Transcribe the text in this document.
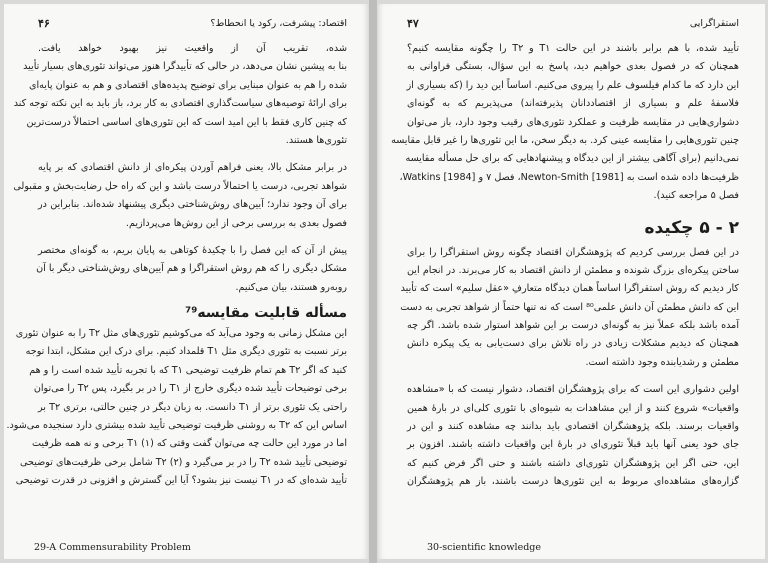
اقتصاد: پیشرفت، رکود یا انحطاط؟
۴۶
شده، تقریب آن از واقعیت نیز بهبود خواهد یافت.
بنا به پیشین نشان می‌دهد، در حالی که تأییدگرا هنوز می‌تواند تئوری‌های بسیار تأیید
شده را هم به عنوان مبنایی برای توضیح پدیده‌های اقتصادی و هم به عنوان پایه‌ای
برای ارائهٔ توصیه‌های سیاست‌گذاری اقتصادی به کار برد، باز باید به این نکته توجه کند
که چنین کاری فقط با این امید است که این تئوری‌های اساسی احتمالاً درست‌ترین
تئوری‌ها هستند.
در برابر مشکل بالا، یعنی فراهم آوردن پیکره‌ای از دانش اقتصادی که بر پایه
شواهد تجربی، درست یا احتمالاً درست باشد و این که راه حل رضایت‌بخش و مقبولی
برای آن وجود ندارد؛ آیین‌های روش‌شناختی دیگری پیشنهاد شده‌اند. بنابراین در
فصول بعدی به بررسی برخی از این روش‌ها می‌پردازیم.
پیش از آن که این فصل را با چکیدهٔ کوتاهی به پایان بریم، به گونه‌ای مختصر
مشکل دیگری را که هم روش استقراگرا و هم آیین‌های روش‌شناختی دیگر با آن
روبه‌رو هستند، بیان می‌کنیم.
مسأله قابلیت مقایسه⁷⁹
این مشکل زمانی به وجود می‌آید که می‌کوشیم تئوری‌های مثل T۲ را به عنوان تئوری
برتر نسبت به تئوری دیگری مثل T۱ قلمداد کنیم. برای درک این مشکل، ابتدا توجه
کنید که اگر T۲ هم تمام ظرفیت توضیحی T۱ که با تجربه تأیید شده است را و هم
برخی توضیحات تأیید شده دیگری خارج از T۱ را در بر بگیرد، پس T۲ را می‌توان
راحتی یک تئوری برتر از T۱ دانست. به زبان دیگر در چنین حالتی، برتری T۲ بر
اساس این که T۲ به روشنی ظرفیت توضیحی تأیید شده بیشتری دارد سنجیده می‌شود.
اما در مورد این حالت چه می‌توان گفت وقتی که (۱) T۱ برخی و نه همه ظرفیت
توضیحی تأیید شده T۲ را در بر می‌گیرد و (۲) T۲ شامل برخی ظرفیت‌های توضیحی
تأیید شده‌ای که در T۱ نیست نیز بشود؟ آیا این گسترش و افزونی در قدرت توضیحی
29-A Commensurability Problem
استقراگرایی
۴۷
تأیید شده، با هم برابر باشند در این حالت T۱ و T۲ را چگونه مقایسه کنیم؟
همچنان که در فصول بعدی خواهیم دید، پاسخ به این سؤال، بستگی فراوانی به
این دارد که ما کدام فیلسوف علم را پیروی می‌کنیم. اساساً این دید را (که بسیاری از
فلاسفهٔ علم و بسیاری از اقتصاددانان پذیرفته‌اند) می‌پذیریم که به گونه‌ای
دشواری‌هایی در مقایسه ظرفیت و عملکرد تئوری‌های رقیب وجود دارد، باز می‌توان
چنین تئوری‌هایی را مقایسه عینی کرد. به دیگر سخن، ما این تئوری‌ها را غیر قابل مقایسه
نمی‌دانیم (برای آگاهی بیشتر از این دیدگاه و پیشنهادهایی که برای حل مسأله مقایسه
ظرفیت‌ها داده شده است به Newton-Smith [1981]، فصل ۷ و Watkins [1984]،
فصل ۵ مراجعه کنید).
۲ - ۵ چکیده
در این فصل بررسی کردیم که پژوهشگران اقتصاد چگونه روش استقراگرا را برای
ساختن پیکره‌ای بزرگ شونده و مطمئن از دانش اقتصاد به کار می‌برند. در انجام این
کار دیدیم که روش استقراگرا اساساً همان دیدگاه متعارفِ «عقل سلیم» است که تأیید
این که دانش مطمئن آن دانش علمی⁸⁰ است که نه تنها حتماً از شواهد تجربی به دست
آمده باشد بلکه عملاً نیز به گونه‌ای درست بر این شواهد استوار شده باشد. اگر چه
همچنان که دیدیم مشکلات زیادی در راه تلاش برای دست‌یابی به یک پیکره دانش
مطمئن و رشدیابنده وجود داشته است.
اولین دشواری این است که برای پژوهشگران اقتصاد، دشوار نیست که با «مشاهده
واقعیات» شروع کنند و از این مشاهدات به شیوه‌ای با تئوری کلی‌ای در بارهٔ همین
واقعیات برسند. بلکه پژوهشگران اقتصادی باید بدانند چه مشاهده کنند و این در
جای خود یعنی آنها باید قبلاً تئوری‌ای در بارهٔ این واقعیات داشته باشند. افزون بر
این، حتی اگر این پژوهشگران تئوری‌ای داشته باشند و حتی اگر فرض کنیم که
گزاره‌های مشاهده‌ای مربوط به این تئوری‌ها درست باشند، باز هم پژوهشگران
30-scientific knowledge
